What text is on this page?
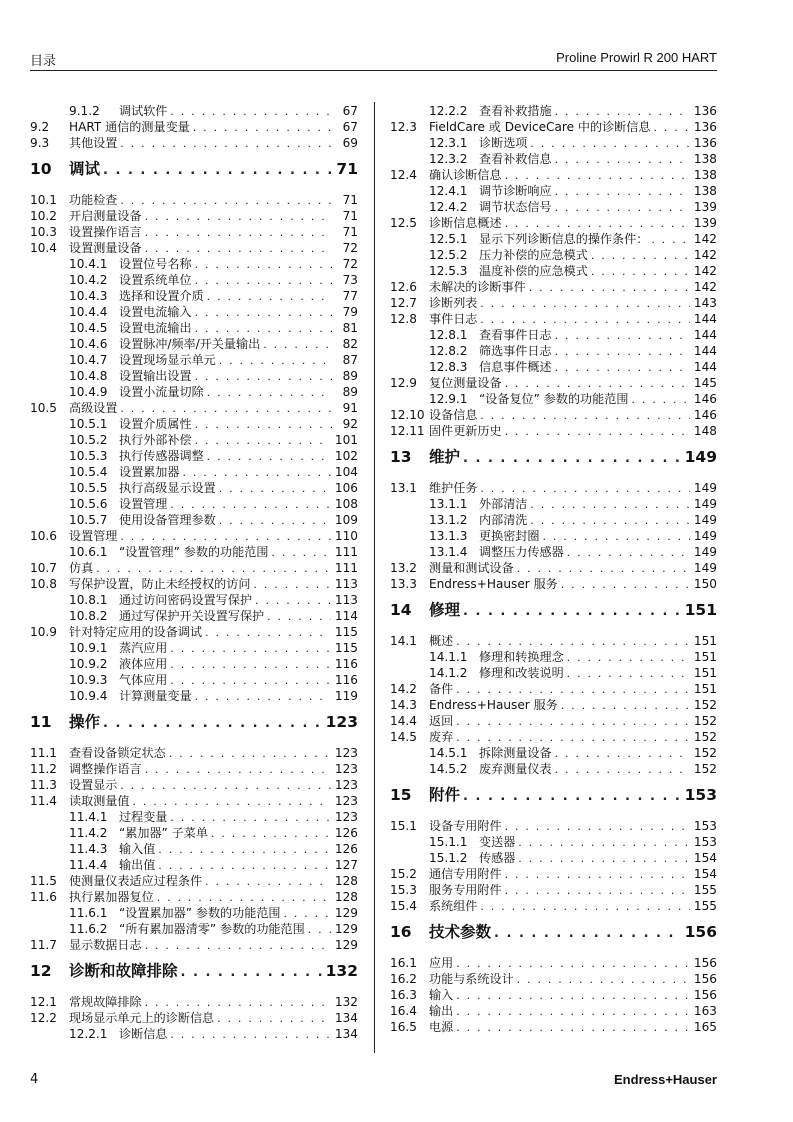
目录	Proline Prowirl R 200 HART
9.1.2 调试软件 . . .	67
9.2 HART 通信的测量变量 . . .	67
9.3 其他设置 . . .	69
10 调试 . . .	71
10.1 功能检查 . . .	71
10.2 开启测量设备 . . .	71
10.3 设置操作语言 . . .	71
10.4 设置测量设备 . . .	72
10.4.1 设置位号名称 . . .	72
10.4.2 设置系统单位 . . .	73
10.4.3 选择和设置介质 . . .	77
10.4.4 设置电流输入 . . .	79
10.4.5 设置电流输出 . . .	81
10.4.6 设置脉冲/频率/开关量输出 . . .	82
10.4.7 设置现场显示单元 . . .	87
10.4.8 设置输出设置 . . .	89
10.4.9 设置小流量切除 . . .	89
10.5 高级设置 . . .	91
10.5.1 设置介质属性 . . .	92
10.5.2 执行外部补偿 . . .	101
10.5.3 执行传感器调整 . . .	102
10.5.4 设置累加器 . . .	104
10.5.5 执行高级显示设置 . . .	106
10.5.6 设置管理 . . .	108
10.5.7 使用设备管理参数 . . .	109
10.6 设置管理 . . .	110
10.6.1 “设置管理” 参数的功能范围 . . .	111
10.7 仿真 . . .	111
10.8 写保护设置，防止未经授权的访问 . . .	113
10.8.1 通过访问密码设置写保护 . . .	113
10.8.2 通过写保护开关设置写保护 . . .	114
10.9 针对特定应用的设备调试 . . .	115
10.9.1 蒸汽应用 . . .	115
10.9.2 液体应用 . . .	116
10.9.3 气体应用 . . .	116
10.9.4 计算测量变量 . . .	119
11 操作 . . .	123
11.1 查看设备锁定状态 . . .	123
11.2 调整操作语言 . . .	123
11.3 设置显示 . . .	123
11.4 读取测量值 . . .	123
11.4.1 过程变量 . . .	123
11.4.2 “累加器” 子菜单 . . .	126
11.4.3 输入值 . . .	126
11.4.4 输出值 . . .	127
11.5 使测量仪表适应过程条件 . . .	128
11.6 执行累加器复位 . . .	128
11.6.1 “设置累加器” 参数的功能范围 . . .	129
11.6.2 “所有累加器清零” 参数的功能范围 . . .	129
11.7 显示数据日志 . . .	129
12 诊断和故障排除 . . .	132
12.1 常规故障排除 . . .	132
12.2 现场显示单元上的诊断信息 . . .	134
12.2.1 诊断信息 . . .	134
12.2.2 查看补救措施 . . .	136
12.3 FieldCare 或 DeviceCare 中的诊断信息 . . .	136
12.3.1 诊断选项 . . .	136
12.3.2 查看补救信息 . . .	138
12.4 确认诊断信息 . . .	138
12.4.1 调节诊断响应 . . .	138
12.4.2 调节状态信号 . . .	139
12.5 诊断信息概述 . . .	139
12.5.1 显示下列诊断信息的操作条件： . . .	142
12.5.2 压力补偿的应急模式 . . .	142
12.5.3 温度补偿的应急模式 . . .	142
12.6 未解决的诊断事件 . . .	142
12.7 诊断列表 . . .	143
12.8 事件日志 . . .	144
12.8.1 查看事件日志 . . .	144
12.8.2 筛选事件日志 . . .	144
12.8.3 信息事件概述 . . .	144
12.9 复位测量设备 . . .	145
12.9.1 “设备复位” 参数的功能范围 . . .	146
12.10 设备信息 . . .	146
12.11 固件更新历史 . . .	148
13 维护 . . .	149
13.1 维护任务 . . .	149
13.1.1 外部清洁 . . .	149
13.1.2 内部清洗 . . .	149
13.1.3 更换密封圈 . . .	149
13.1.4 调整压力传感器 . . .	149
13.2 测量和测试设备 . . .	149
13.3 Endress+Hauser 服务 . . .	150
14 修理 . . .	151
14.1 概述 . . .	151
14.1.1 修理和转换理念 . . .	151
14.1.2 修理和改装说明 . . .	151
14.2 备件 . . .	151
14.3 Endress+Hauser 服务 . . .	152
14.4 返回 . . .	152
14.5 废弃 . . .	152
14.5.1 拆除测量设备 . . .	152
14.5.2 废弃测量仪表 . . .	152
15 附件 . . .	153
15.1 设备专用附件 . . .	153
15.1.1 变送器 . . .	153
15.1.2 传感器 . . .	154
15.2 通信专用附件 . . .	154
15.3 服务专用附件 . . .	155
15.4 系统组件 . . .	155
16 技术参数 . . .	156
16.1 应用 . . .	156
16.2 功能与系统设计 . . .	156
16.3 输入 . . .	156
16.4 输出 . . .	163
16.5 电源 . . .	165
4	Endress+Hauser
